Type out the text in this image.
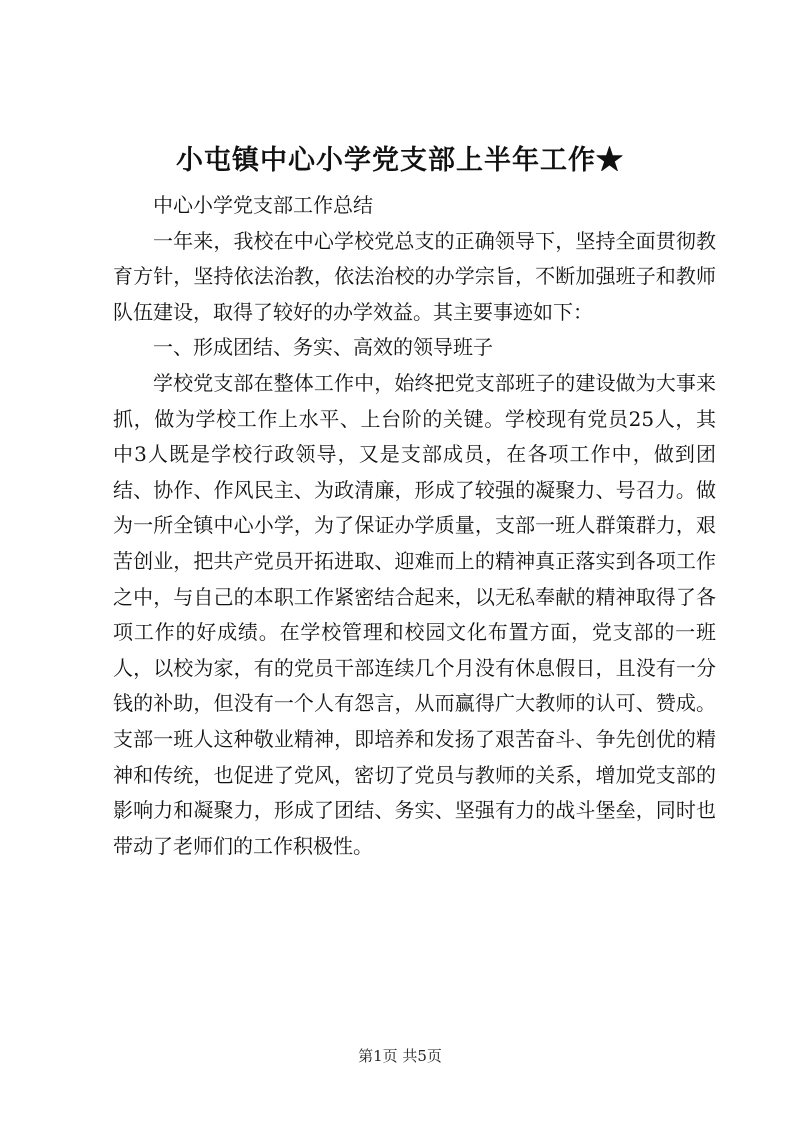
小屯镇中心小学党支部上半年工作★

中心小学党支部工作总结

一年来，我校在中心学校党总支的正确领导下，坚持全面贯彻教育方针，坚持依法治教，依法治校的办学宗旨，不断加强班子和教师队伍建设，取得了较好的办学效益。其主要事迹如下：

一、形成团结、务实、高效的领导班子

学校党支部在整体工作中，始终把党支部班子的建设做为大事来抓，做为学校工作上水平、上台阶的关键。学校现有党员25人，其中3人既是学校行政领导，又是支部成员，在各项工作中，做到团结、协作、作风民主、为政清廉，形成了较强的凝聚力、号召力。做为一所全镇中心小学，为了保证办学质量，支部一班人群策群力，艰苦创业，把共产党员开拓进取、迎难而上的精神真正落实到各项工作之中，与自己的本职工作紧密结合起来，以无私奉献的精神取得了各项工作的好成绩。在学校管理和校园文化布置方面，党支部的一班人，以校为家，有的党员干部连续几个月没有休息假日，且没有一分钱的补助，但没有一个人有怨言，从而赢得广大教师的认可、赞成。支部一班人这种敬业精神，即培养和发扬了艰苦奋斗、争先创优的精神和传统，也促进了党风，密切了党员与教师的关系，增加党支部的影响力和凝聚力，形成了团结、务实、坚强有力的战斗堡垒，同时也带动了老师们的工作积极性。

第1页 共5页
